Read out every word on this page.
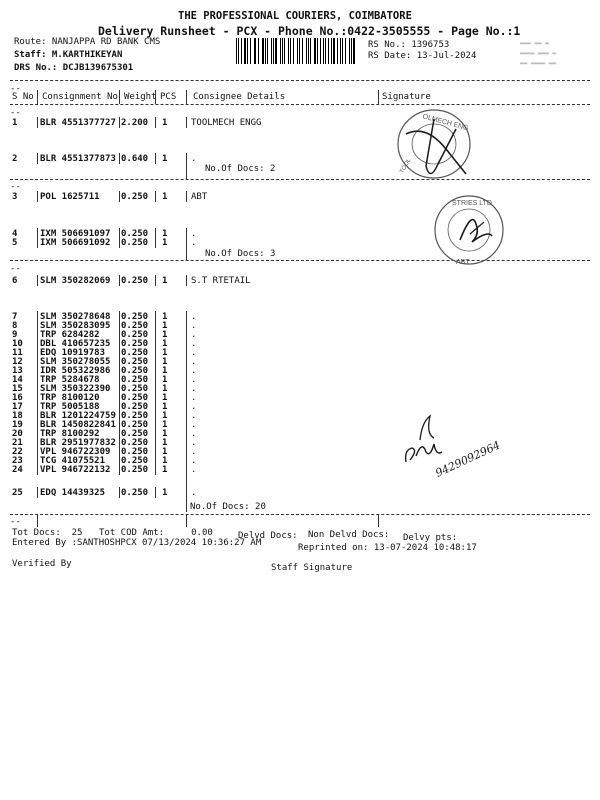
THE PROFESSIONAL COURIERS, COIMBATORE
Delivery Runsheet - PCX - Phone No.:0422-3505555 - Page No.:1
Route: NANJAPPA RD BANK CMS
Staff: M.KARTHIKEYAN
DRS No.: DCJB139675301
RS No.: 1396753
RS Date: 13-Jul-2024
▬▬▬ ▬▬ ▬
▬▬▬▬ ▬▬▬ ▬
▬▬ ▬▬▬▬ ▬▬
--
S No Consignment No Weight PCS Consignee Details	Signature
--
1	BLR 4551377727 2.200 1	TOOLMECH ENGG
2	BLR 4551377873 0.640 1	.
3	POL 1625711 0.250 1	ABT
4	IXM 506691097 0.250 1	.
5	IXM 506691092 0.250 1	.
6	SLM 350282069 0.250 1	S.T RTETAIL
7	SLM 350278648 0.250 1	.
8	SLM 350283095 0.250 1	.
9	TRP 6284282 0.250 1	.
10 DBL 410657235 0.250 1	.
11 EDQ 10919783 0.250 1	.
12 SLM 350278055 0.250 1	.
13 IDR 505322986 0.250 1	.
14 TRP 5284678 0.250 1	.
15 SLM 350322390 0.250 1	.
16 TRP 8100120 0.250 1	.
17 TRP 5005188 0.250 1	.
18 BLR 1201224759 0.250 1	.
19 BLR 1450822841 0.250 1	.
20 TRP 8100292 0.250 1	.
21 BLR 2951977832 0.250 1	.
22 VPL 946722309 0.250 1	.
23 TCG 41075521 0.250 1	.
24 VPL 946722132 0.250 1	.
25 EDQ 14439325 0.250 1	.
No.Of Docs: 2
--
No.Of Docs: 3
--
No.Of Docs: 20
--
Tot Docs:  25 Tot COD Amt:     0.00	Delvd Docs: Non Delvd Docs: Delvy pts:
Entered By :SANTHOSHPCX 07/13/2024 10:36:27 AM	Reprinted on: 13-07-2024 10:48:17
Verified By	Staff Signature
OLMECH ENG
TOOL
STRIES LTD
ABT
9429092964
